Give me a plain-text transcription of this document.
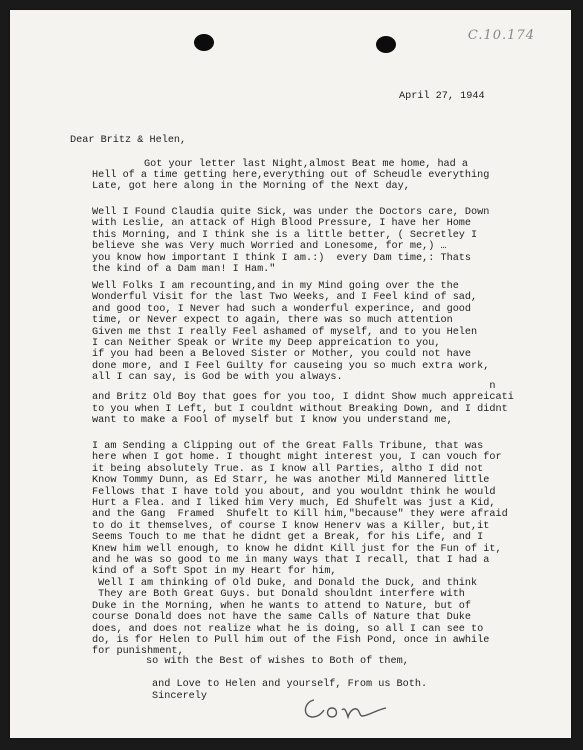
C.10.174
April 27, 1944
Dear Britz & Helen,
Got your letter last Night,almost Beat me home, had a
Hell of a time getting here,everything out of Scheudle everything
Late, got here along in the Morning of the Next day,
Well I Found Claudia quite Sick, was under the Doctors care, Down
with Leslie, an attack of High Blood Pressure, I have her Home
this Morning, and I think she is a little better, ( Secretley I
believe she was Very much Worried and Lonesome, for me,) …
you know how important I think I am.:)  every Dam time,: Thats
the kind of a Dam man! I Ham."
Well Folks I am recounting,and in my Mind going over the the
Wonderful Visit for the last Two Weeks, and I Feel kind of sad,
and good too, I Never had such a wonderful experince, and good
time, or Never expect to again, there was so much attention
Given me thst I really Feel ashamed of myself, and to you Helen
I can Neither Speak or Write my Deep appreication to you,
if you had been a Beloved Sister or Mother, you could not have
done more, and I Feel Guilty for causeing you so much extra work,
all I can say, is God be with you always.
n
and Britz Old Boy that goes for you too, I didnt Show much appreicati
to you when I Left, but I couldnt without Breaking Down, and I didnt
want to make a Fool of myself but I know you understand me,
I am Sending a Clipping out of the Great Falls Tribune, that was
here when I got home. I thought might interest you, I can vouch for
it being absolutely True. as I know all Parties, altho I did not
Know Tommy Dunn, as Ed Starr, he was another Mild Mannered little
Fellows that I have told you about, and you wouldnt think he would
Hurt a Flea. and I liked him Very much, Ed Shufelt was just a Kid,
and the Gang  Framed  Shufelt to Kill him,"because" they were afraid
to do it themselves, of course I know Henerv was a Killer, but,it
Seems Touch to me that he didnt get a Break, for his Life, and I
Knew him well enough, to know he didnt Kill just for the Fun of it,
and he was so good to me in many ways that I recall, that I had a
kind of a Soft Spot in my Heart for him,
Well I am thinking of Old Duke, and Donald the Duck, and think
They are Both Great Guys. but Donald shouldnt interfere with
Duke in the Morning, when he wants to attend to Nature, but of
course Donald does not have the same Calls of Nature that Duke
does, and does not realize what he is doing, so all I can see to
do, is for Helen to Pull him out of the Fish Pond, once in awhile
for punishment,
so with the Best of wishes to Both of them,
and Love to Helen and yourself, From us Both.
Sincerely
